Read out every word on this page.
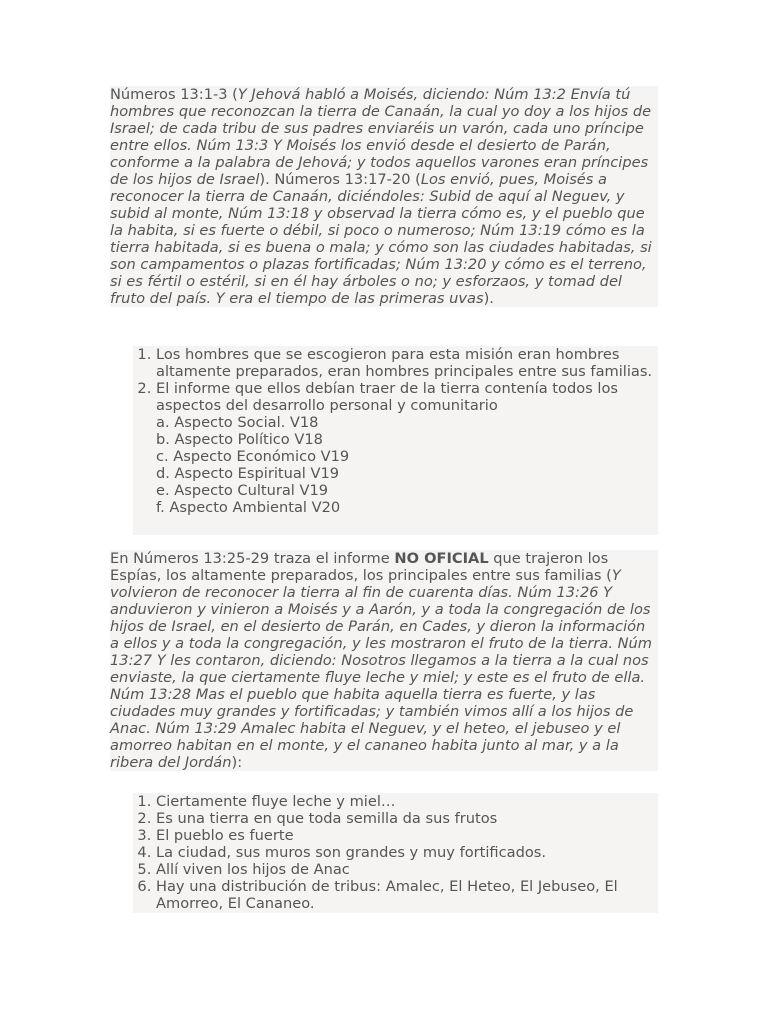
Números 13:1-3 (Y Jehová habló a Moisés, diciendo: Núm 13:2 Envía tú hombres que reconozcan la tierra de Canaán, la cual yo doy a los hijos de Israel; de cada tribu de sus padres enviaréis un varón, cada uno príncipe entre ellos. Núm 13:3 Y Moisés los envió desde el desierto de Parán, conforme a la palabra de Jehová; y todos aquellos varones eran príncipes de los hijos de Israel). Números 13:17-20 (Los envió, pues, Moisés a reconocer la tierra de Canaán, diciéndoles: Subid de aquí al Neguev, y subid al monte, Núm 13:18 y observad la tierra cómo es, y el pueblo que la habita, si es fuerte o débil, si poco o numeroso; Núm 13:19 cómo es la tierra habitada, si es buena o mala; y cómo son las ciudades habitadas, si son campamentos o plazas fortificadas; Núm 13:20 y cómo es el terreno, si es fértil o estéril, si en él hay árboles o no; y esforzaos, y tomad del fruto del país. Y era el tiempo de las primeras uvas).

1. Los hombres que se escogieron para esta misión eran hombres altamente preparados, eran hombres principales entre sus familias.
2. El informe que ellos debían traer de la tierra contenía todos los aspectos del desarrollo personal y comunitario
a. Aspecto Social. V18
b. Aspecto Político V18
c. Aspecto Económico V19
d. Aspecto Espiritual V19
e. Aspecto Cultural V19
f. Aspecto Ambiental V20

En Números 13:25-29 traza el informe NO OFICIAL que trajeron los Espías, los altamente preparados, los principales entre sus familias (Y volvieron de reconocer la tierra al fin de cuarenta días. Núm 13:26 Y anduvieron y vinieron a Moisés y a Aarón, y a toda la congregación de los hijos de Israel, en el desierto de Parán, en Cades, y dieron la información a ellos y a toda la congregación, y les mostraron el fruto de la tierra. Núm 13:27 Y les contaron, diciendo: Nosotros llegamos a la tierra a la cual nos enviaste, la que ciertamente fluye leche y miel; y este es el fruto de ella. Núm 13:28 Mas el pueblo que habita aquella tierra es fuerte, y las ciudades muy grandes y fortificadas; y también vimos allí a los hijos de Anac. Núm 13:29 Amalec habita el Neguev, y el heteo, el jebuseo y el amorreo habitan en el monte, y el cananeo habita junto al mar, y a la ribera del Jordán):

1. Ciertamente fluye leche y miel…
2. Es una tierra en que toda semilla da sus frutos
3. El pueblo es fuerte
4. La ciudad, sus muros son grandes y muy fortificados.
5. Allí viven los hijos de Anac
6. Hay una distribución de tribus: Amalec, El Heteo, El Jebuseo, El Amorreo, El Cananeo.
